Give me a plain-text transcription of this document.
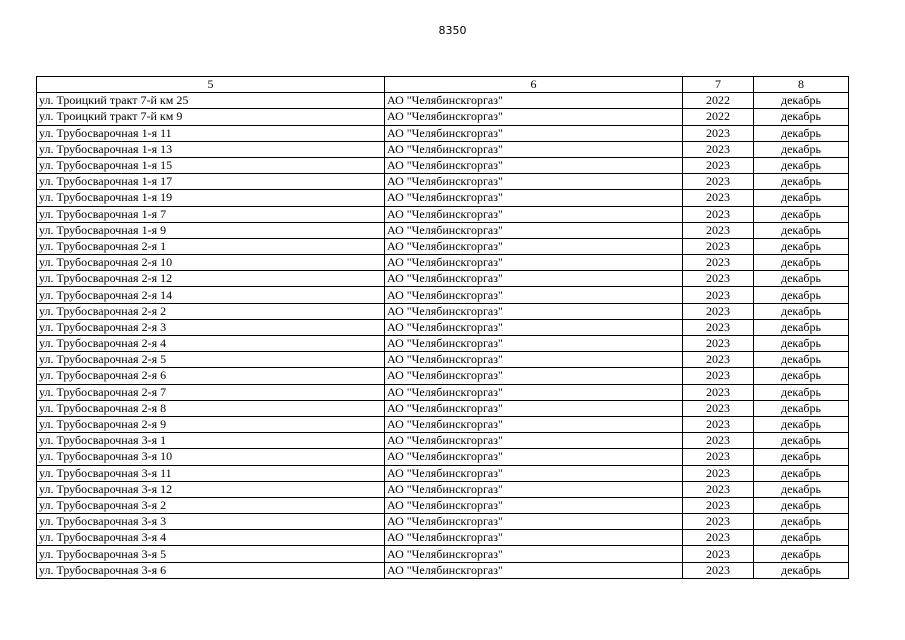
8350
5	6	7	8
ул. Троицкий тракт 7-й км 25	АО "Челябинскгоргаз"	2022	декабрь
ул. Троицкий тракт 7-й км 9	АО "Челябинскгоргаз"	2022	декабрь
ул. Трубосварочная 1-я 11	АО "Челябинскгоргаз"	2023	декабрь
ул. Трубосварочная 1-я 13	АО "Челябинскгоргаз"	2023	декабрь
ул. Трубосварочная 1-я 15	АО "Челябинскгоргаз"	2023	декабрь
ул. Трубосварочная 1-я 17	АО "Челябинскгоргаз"	2023	декабрь
ул. Трубосварочная 1-я 19	АО "Челябинскгоргаз"	2023	декабрь
ул. Трубосварочная 1-я 7	АО "Челябинскгоргаз"	2023	декабрь
ул. Трубосварочная 1-я 9	АО "Челябинскгоргаз"	2023	декабрь
ул. Трубосварочная 2-я 1	АО "Челябинскгоргаз"	2023	декабрь
ул. Трубосварочная 2-я 10	АО "Челябинскгоргаз"	2023	декабрь
ул. Трубосварочная 2-я 12	АО "Челябинскгоргаз"	2023	декабрь
ул. Трубосварочная 2-я 14	АО "Челябинскгоргаз"	2023	декабрь
ул. Трубосварочная 2-я 2	АО "Челябинскгоргаз"	2023	декабрь
ул. Трубосварочная 2-я 3	АО "Челябинскгоргаз"	2023	декабрь
ул. Трубосварочная 2-я 4	АО "Челябинскгоргаз"	2023	декабрь
ул. Трубосварочная 2-я 5	АО "Челябинскгоргаз"	2023	декабрь
ул. Трубосварочная 2-я 6	АО "Челябинскгоргаз"	2023	декабрь
ул. Трубосварочная 2-я 7	АО "Челябинскгоргаз"	2023	декабрь
ул. Трубосварочная 2-я 8	АО "Челябинскгоргаз"	2023	декабрь
ул. Трубосварочная 2-я 9	АО "Челябинскгоргаз"	2023	декабрь
ул. Трубосварочная 3-я 1	АО "Челябинскгоргаз"	2023	декабрь
ул. Трубосварочная 3-я 10	АО "Челябинскгоргаз"	2023	декабрь
ул. Трубосварочная 3-я 11	АО "Челябинскгоргаз"	2023	декабрь
ул. Трубосварочная 3-я 12	АО "Челябинскгоргаз"	2023	декабрь
ул. Трубосварочная 3-я 2	АО "Челябинскгоргаз"	2023	декабрь
ул. Трубосварочная 3-я 3	АО "Челябинскгоргаз"	2023	декабрь
ул. Трубосварочная 3-я 4	АО "Челябинскгоргаз"	2023	декабрь
ул. Трубосварочная 3-я 5	АО "Челябинскгоргаз"	2023	декабрь
ул. Трубосварочная 3-я 6	АО "Челябинскгоргаз"	2023	декабрь
